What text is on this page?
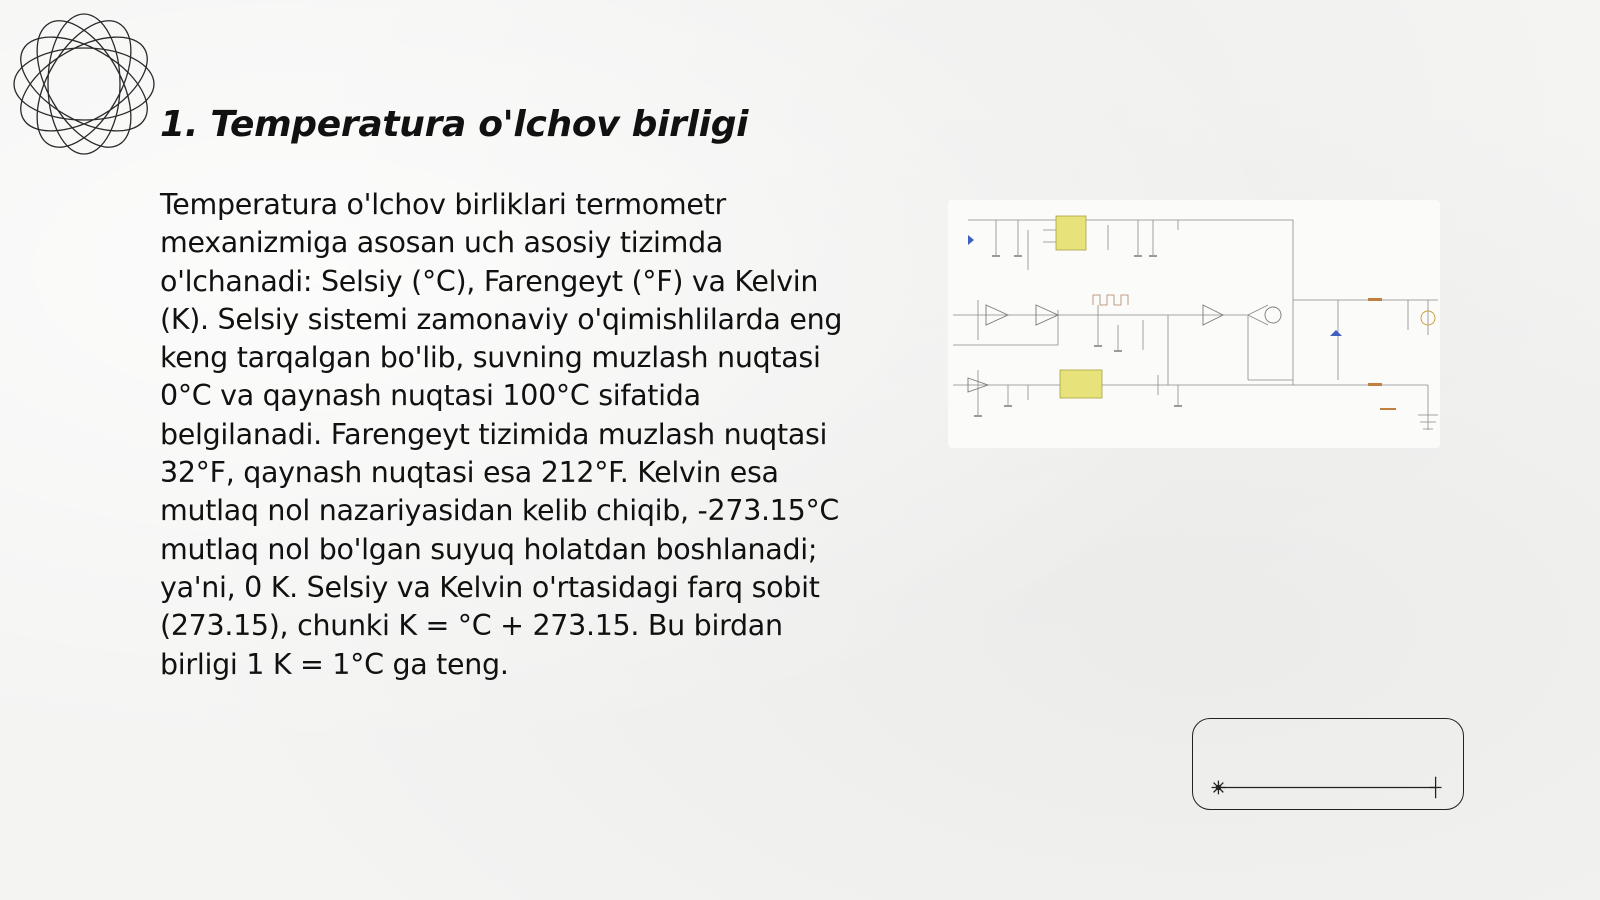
1. Temperatura o'lchov birligi

Temperatura o'lchov birliklari termometr mexanizmiga asosan uch asosiy tizimda o'lchanadi: Selsiy (°C), Farengeyt (°F) va Kelvin (K). Selsiy sistemi zamonaviy o'qimishlilarda eng keng tarqalgan bo'lib, suvning muzlash nuqtasi 0°C va qaynash nuqtasi 100°C sifatida belgilanadi. Farengeyt tizimida muzlash nuqtasi 32°F, qaynash nuqtasi esa 212°F. Kelvin esa mutlaq nol nazariyasidan kelib chiqib, -273.15°C mutlaq nol bo'lgan suyuq holatdan boshlanadi; ya'ni, 0 K. Selsiy va Kelvin o'rtasidagi farq sobit (273.15), chunki K = °C + 273.15. Bu birdan birligi 1 K = 1°C ga teng.
